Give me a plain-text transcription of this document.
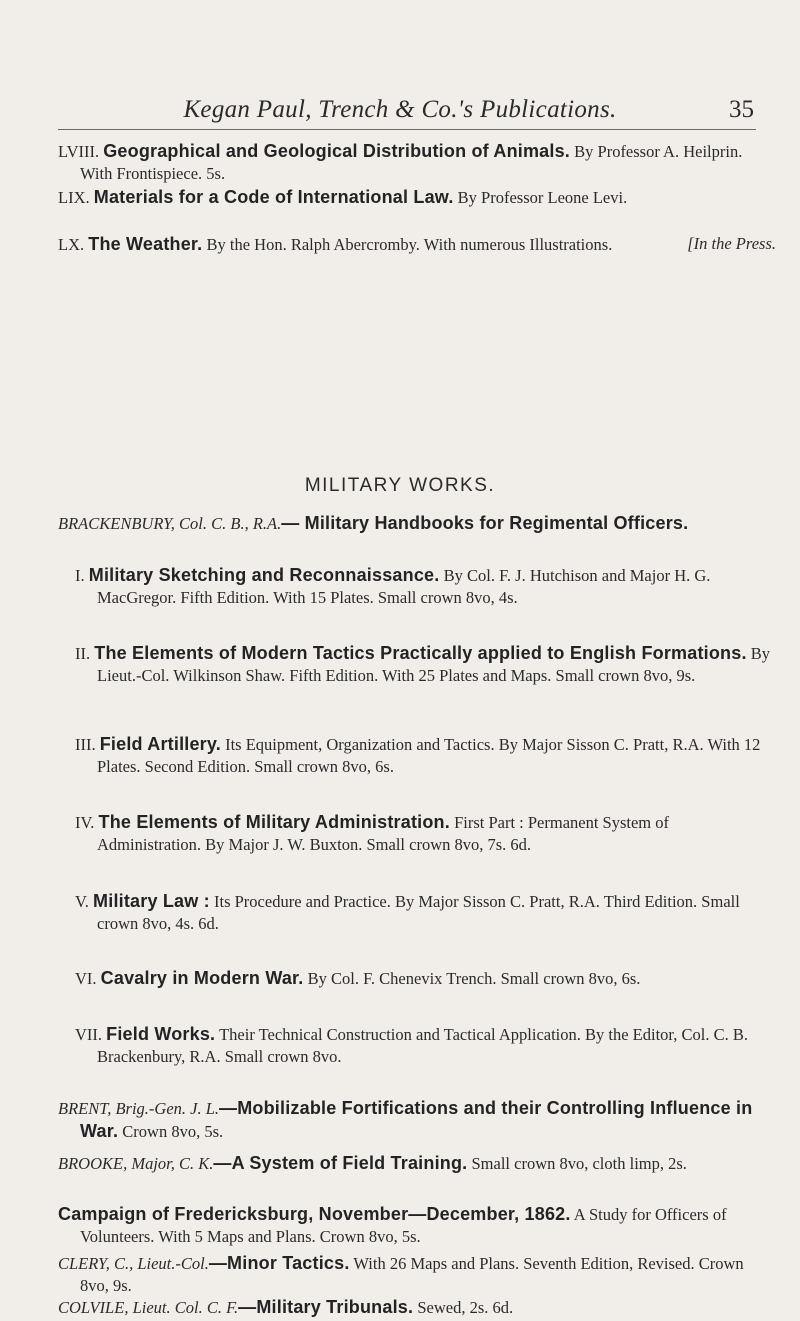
Kegan Paul, Trench & Co.'s Publications.	35
LVIII. Geographical and Geological Distribution of Animals. By Professor A. Heilprin. With Frontispiece. 5s.
LIX. Materials for a Code of International Law. By Professor Leone Levi.
LX. The Weather. By the Hon. Ralph Abercromby. With numerous Illustrations.	[In the Press.
MILITARY WORKS.
BRACKENBURY, Col. C. B., R.A.— Military Handbooks for Regimental Officers.
I. Military Sketching and Reconnaissance. By Col. F. J. Hutchison and Major H. G. MacGregor. Fifth Edition. With 15 Plates. Small crown 8vo, 4s.
II. The Elements of Modern Tactics Practically applied to English Formations. By Lieut.-Col. Wilkinson Shaw. Fifth Edition. With 25 Plates and Maps. Small crown 8vo, 9s.
III. Field Artillery. Its Equipment, Organization and Tactics. By Major Sisson C. Pratt, R.A. With 12 Plates. Second Edition. Small crown 8vo, 6s.
IV. The Elements of Military Administration. First Part : Permanent System of Administration. By Major J. W. Buxton. Small crown 8vo, 7s. 6d.
V. Military Law : Its Procedure and Practice. By Major Sisson C. Pratt, R.A. Third Edition. Small crown 8vo, 4s. 6d.
VI. Cavalry in Modern War. By Col. F. Chenevix Trench. Small crown 8vo, 6s.
VII. Field Works. Their Technical Construction and Tactical Application. By the Editor, Col. C. B. Brackenbury, R.A. Small crown 8vo.
BRENT, Brig.-Gen. J. L.—Mobilizable Fortifications and their Controlling Influence in War. Crown 8vo, 5s.
BROOKE, Major, C. K.—A System of Field Training. Small crown 8vo, cloth limp, 2s.
Campaign of Fredericksburg, November—December, 1862. A Study for Officers of Volunteers. With 5 Maps and Plans. Crown 8vo, 5s.
CLERY, C., Lieut.-Col.—Minor Tactics. With 26 Maps and Plans. Seventh Edition, Revised. Crown 8vo, 9s.
COLVILE, Lieut. Col. C. F.—Military Tribunals. Sewed, 2s. 6d.
